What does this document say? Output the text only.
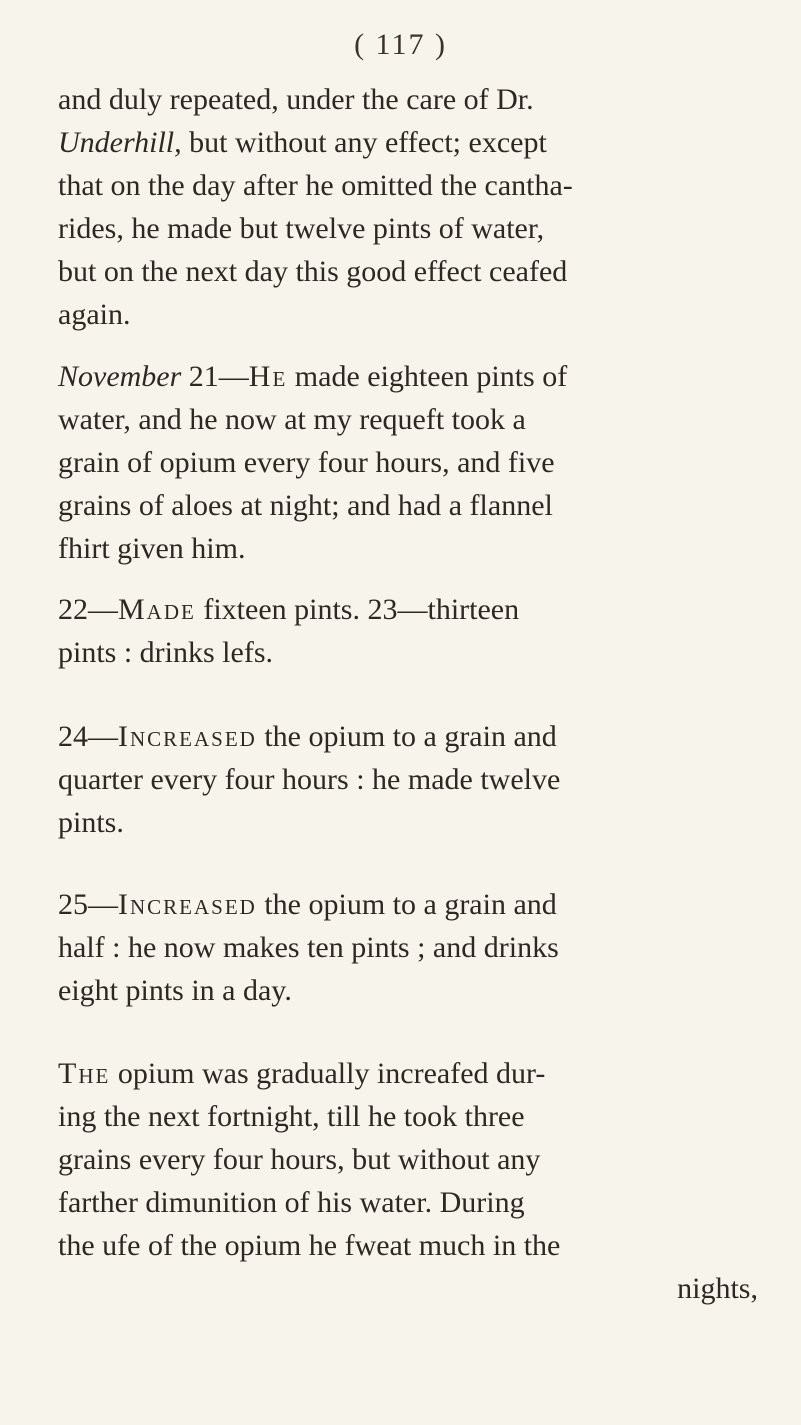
( 117 )
and duly repeated, under the care of Dr.
Underhill, but without any effect; except
that on the day after he omitted the cantha-
rides, he made but twelve pints of water,
but on the next day this good effect ceafed
again.
November 21—He made eighteen pints of
water, and he now at my requeft took a
grain of opium every four hours, and five
grains of aloes at night; and had a flannel
fhirt given him.
22—Made fixteen pints. 23—thirteen
pints : drinks lefs.
24—Increased the opium to a grain and
quarter every four hours : he made twelve
pints.
25—Increased the opium to a grain and
half : he now makes ten pints ; and drinks
eight pints in a day.
The opium was gradually increafed dur-
ing the next fortnight, till he took three
grains every four hours, but without any
farther dimunition of his water. During
the ufe of the opium he fweat much in the
nights,
